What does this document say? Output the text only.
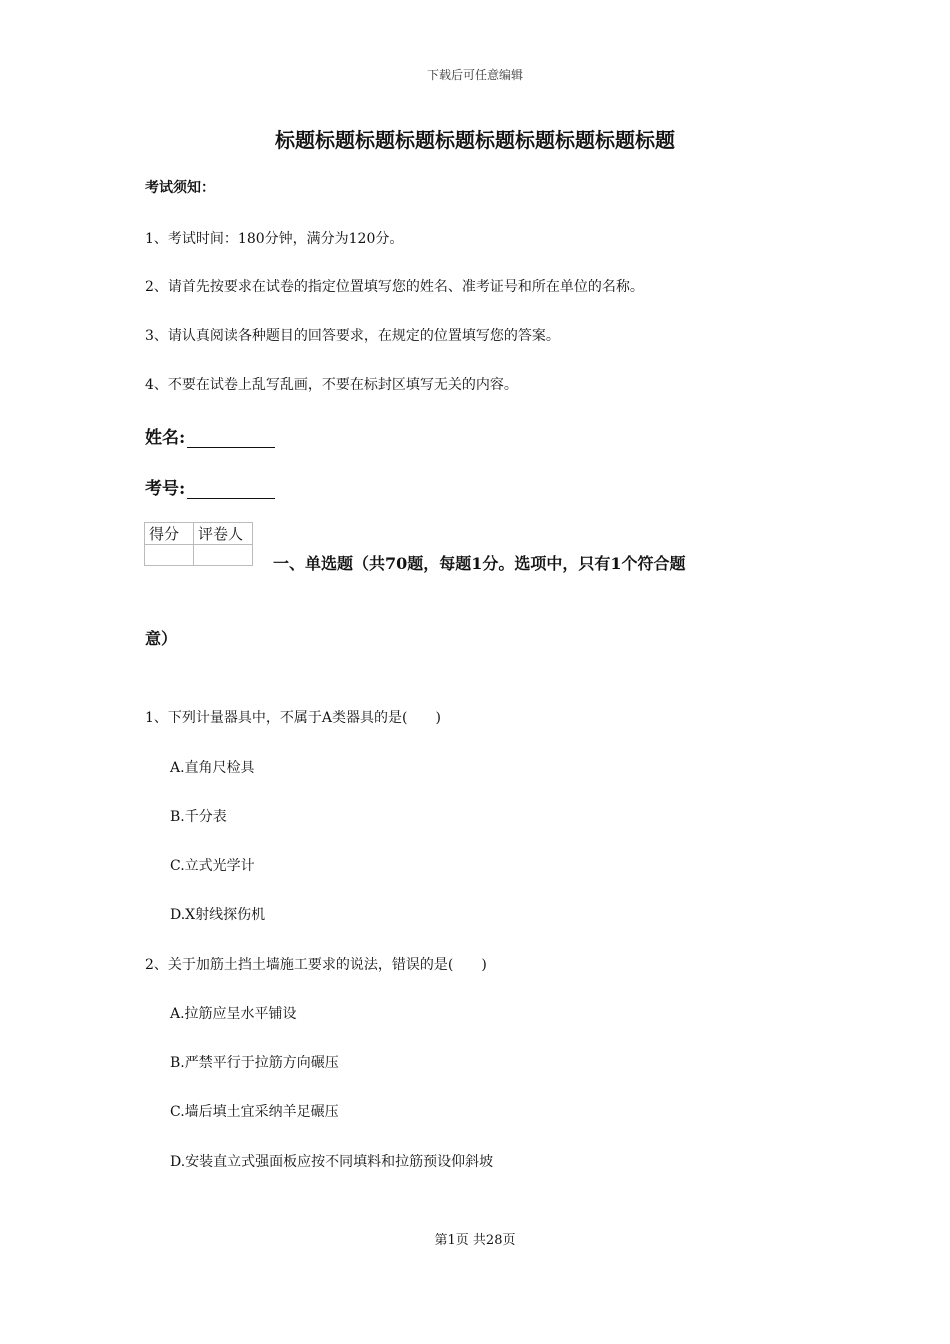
下载后可任意编辑
标题标题标题标题标题标题标题标题标题标题
考试须知：
1、考试时间：180分钟，满分为120分。
2、请首先按要求在试卷的指定位置填写您的姓名、准考证号和所在单位的名称。
3、请认真阅读各种题目的回答要求，在规定的位置填写您的答案。
4、不要在试卷上乱写乱画，不要在标封区填写无关的内容。
姓名:
考号:
得分	评卷人

一、单选题（共70题，每题1分。选项中，只有1个符合题
意）
1、下列计量器具中，不属于A类器具的是(　　)
A.直角尺检具
B.千分表
C.立式光学计
D.X射线探伤机
2、关于加筋土挡土墙施工要求的说法，错误的是(　　)
A.拉筋应呈水平铺设
B.严禁平行于拉筋方向碾压
C.墙后填土宜采纳羊足碾压
D.安装直立式强面板应按不同填料和拉筋预设仰斜坡
第1页 共28页
